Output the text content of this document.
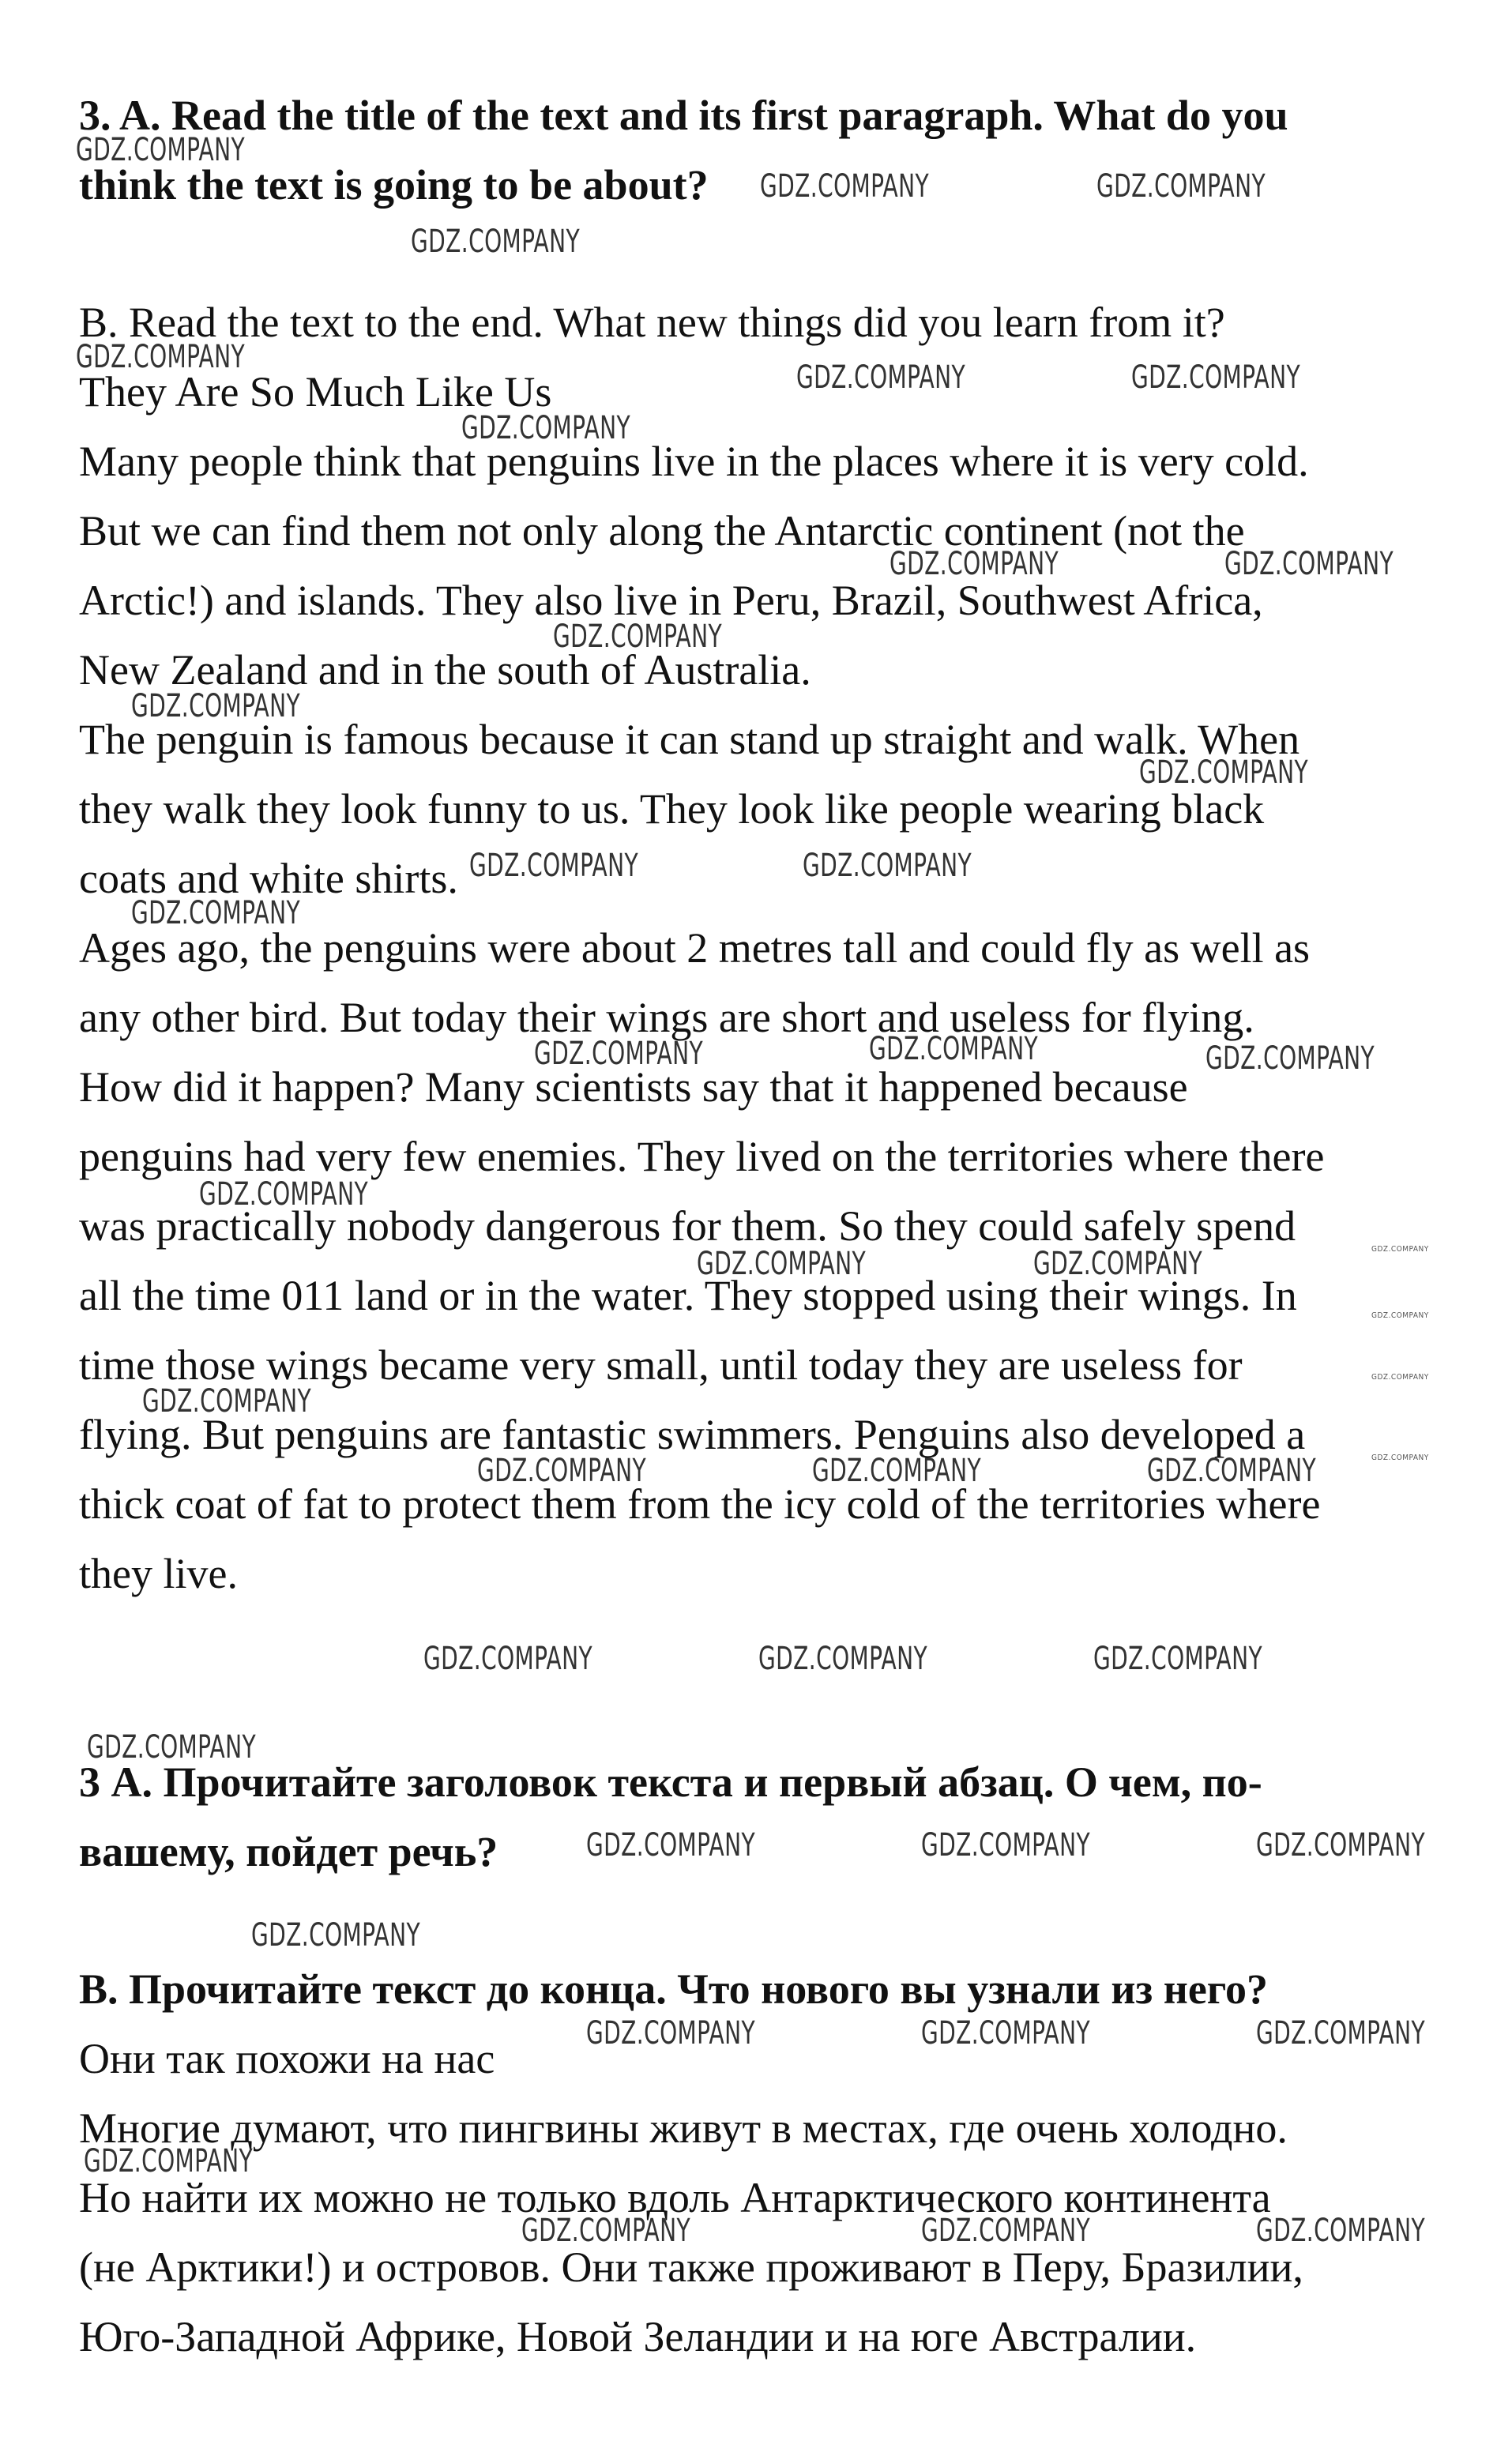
3. A. Read the title of the text and its first paragraph. What do you
think the text is going to be about?
B. Read the text to the end. What new things did you learn from it?
They Are So Much Like Us
Many people think that penguins live in the places where it is very cold.
But we can find them not only along the Antarctic continent (not the
Arctic!) and islands. They also live in Peru, Brazil, Southwest Africa,
New Zealand and in the south of Australia.
The penguin is famous because it can stand up straight and walk. When
they walk they look funny to us. They look like people wearing black
coats and white shirts.
Ages ago, the penguins were about 2 metres tall and could fly as well as
any other bird. But today their wings are short and useless for flying.
How did it happen? Many scientists say that it happened because
penguins had very few enemies. They lived on the territories where there
was practically nobody dangerous for them. So they could safely spend
all the time 011 land or in the water. They stopped using their wings. In
time those wings became very small, until today they are useless for
flying. But penguins are fantastic swimmers. Penguins also developed a
thick coat of fat to protect them from the icy cold of the territories where
they live.
3 А. Прочитайте заголовок текста и первый абзац. О чем, по-
вашему, пойдет речь?
В. Прочитайте текст до конца. Что нового вы узнали из него?
Они так похожи на нас
Многие думают, что пингвины живут в местах, где очень холодно.
Но найти их можно не только вдоль Антарктического континента
(не Арктики!) и островов. Они также проживают в Перу, Бразилии,
Юго-Западной Африке, Новой Зеландии и на юге Австралии.
GDZ.COMPANY
GDZ.COMPANY	GDZ.COMPANY
GDZ.COMPANY
GDZ.COMPANY
GDZ.COMPANY	GDZ.COMPANY
GDZ.COMPANY
GDZ.COMPANY	GDZ.COMPANY
GDZ.COMPANY
GDZ.COMPANY
GDZ.COMPANY
GDZ.COMPANY	GDZ.COMPANY
GDZ.COMPANY
GDZ.COMPANY	GDZ.COMPANY	GDZ.COMPANY
GDZ.COMPANY
GDZ.COMPANY	GDZ.COMPANY
GDZ.COMPANY
GDZ.COMPANY	GDZ.COMPANY	GDZ.COMPANY
GDZ.COMPANY	GDZ.COMPANY	GDZ.COMPANY
GDZ.COMPANY
GDZ.COMPANY	GDZ.COMPANY	GDZ.COMPANY
GDZ.COMPANY
GDZ.COMPANY	GDZ.COMPANY	GDZ.COMPANY
GDZ.COMPANY
GDZ.COMPANY	GDZ.COMPANY	GDZ.COMPANY
GDZ.COMPANY
GDZ.COMPANY
GDZ.COMPANY
GDZ.COMPANY
